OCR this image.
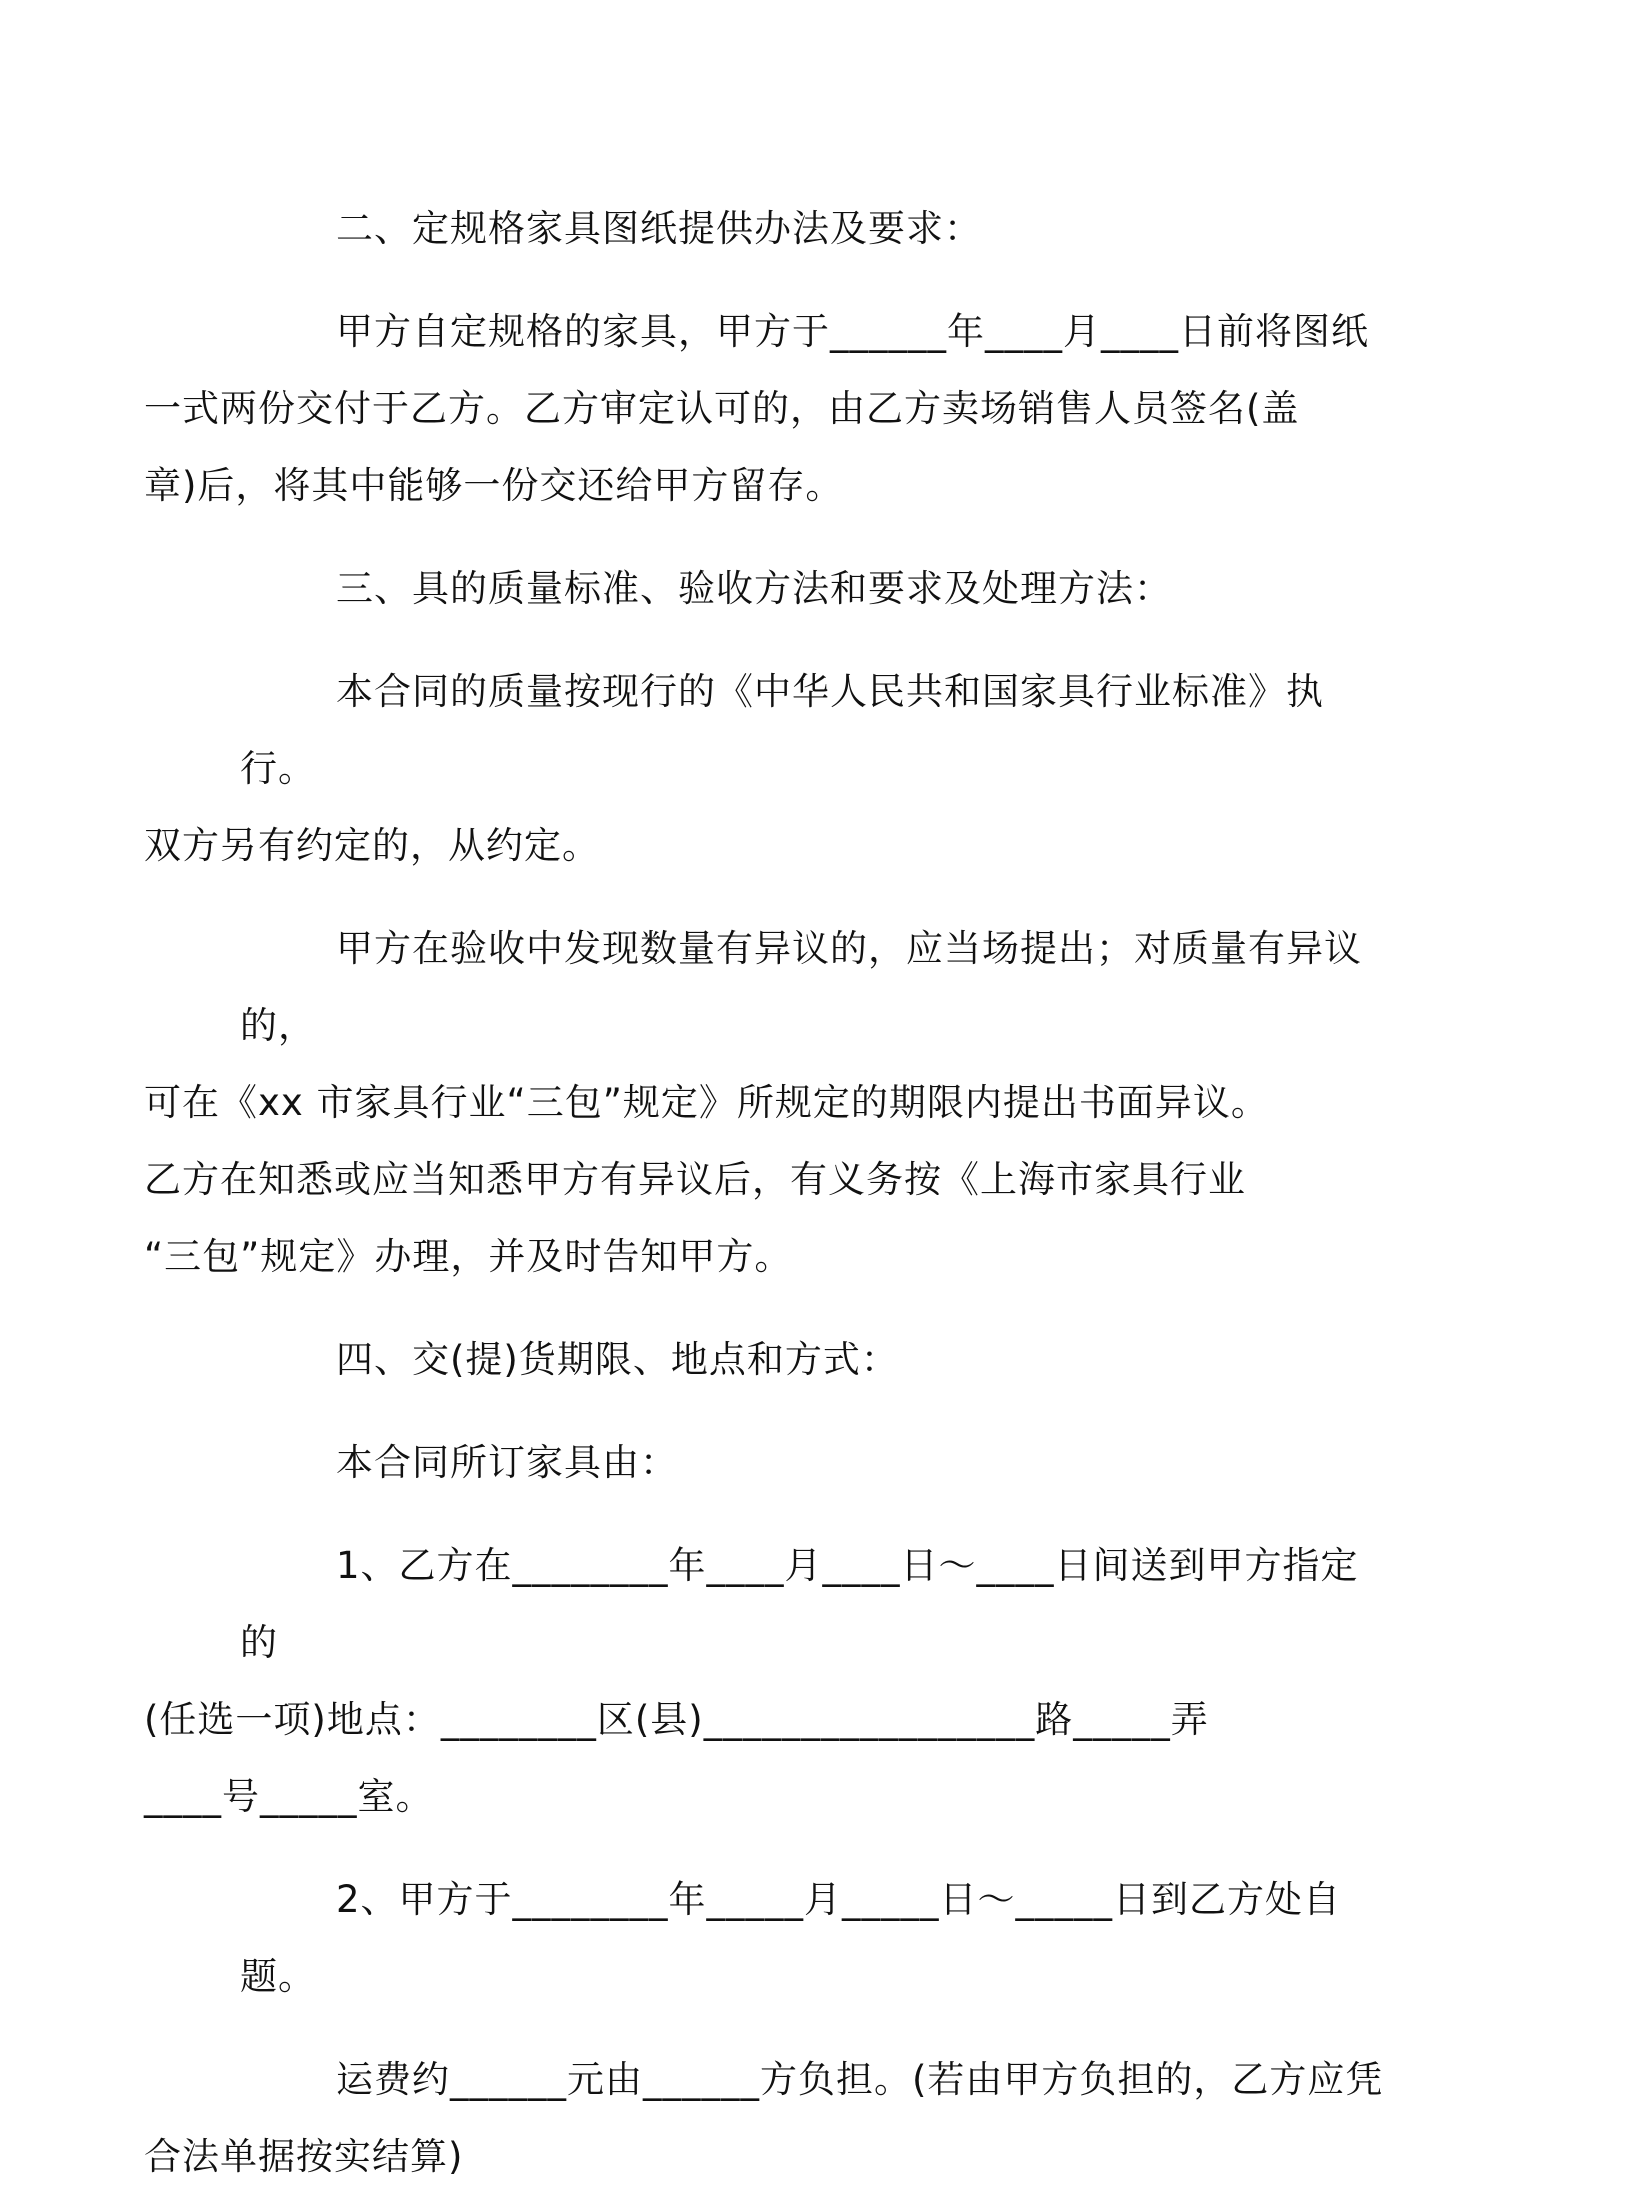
二、定规格家具图纸提供办法及要求：

甲方自定规格的家具，甲方于______年____月____日前将图纸
一式两份交付于乙方。乙方审定认可的，由乙方卖场销售人员签名(盖
章)后，将其中能够一份交还给甲方留存。

三、具的质量标准、验收方法和要求及处理方法：

本合同的质量按现行的《中华人民共和国家具行业标准》执行。
双方另有约定的，从约定。

甲方在验收中发现数量有异议的，应当场提出；对质量有异议的，
可在《xx 市家具行业“三包”规定》所规定的期限内提出书面异议。
乙方在知悉或应当知悉甲方有异议后，有义务按《上海市家具行业
“三包”规定》办理，并及时告知甲方。

四、交(提)货期限、地点和方式：

本合同所订家具由：

1、乙方在________年____月____日～____日间送到甲方指定的
(任选一项)地点：________区(县)_________________路_____弄
____号_____室。

2、甲方于________年_____月_____日～_____日到乙方处自题。

运费约______元由______方负担。(若由甲方负担的，乙方应凭
合法单据按实结算)
